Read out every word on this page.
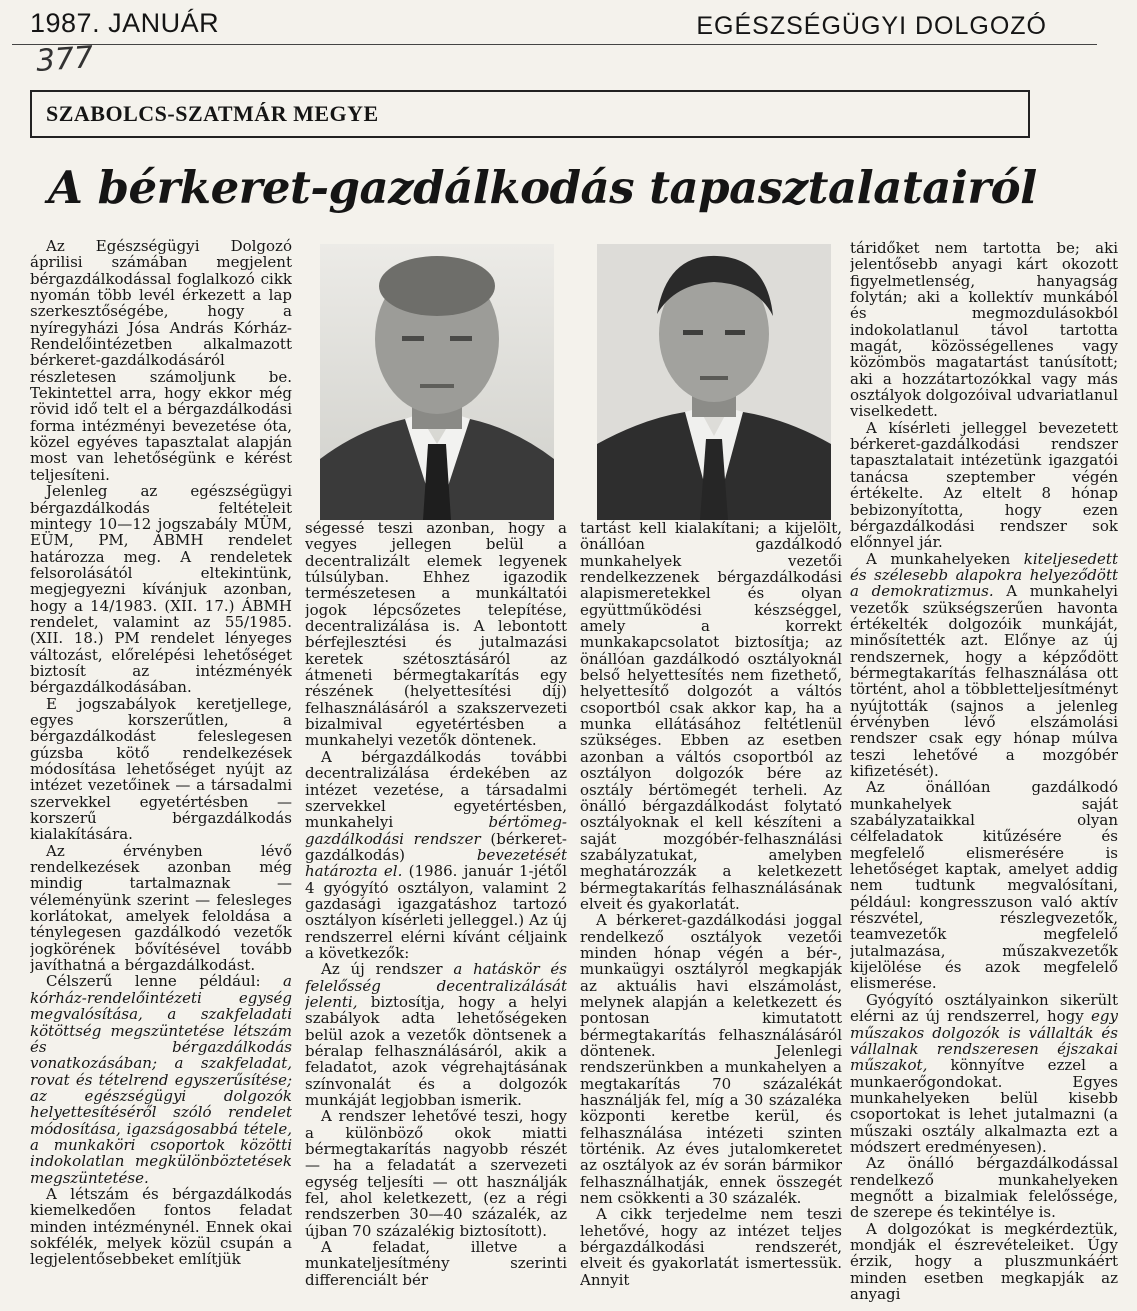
1987. JANUÁR	EGÉSZSÉGÜGYI DOLGOZÓ
377
SZABOLCS-SZATMÁR MEGYE
A bérkeret-gazdálkodás tapasztalatairól

Az Egészségügyi Dolgozó áprilisi számában megjelent bérgazdálkodással foglalkozó cikk nyomán több levél érkezett a lap szerkesztőségébe, hogy a nyíregyházi Jósa András Kórház-Rendelőintézetben alkalmazott bérkeret-gazdálkodásáról részletesen számoljunk be. Tekintettel arra, hogy ekkor még rövid idő telt el a bérgazdálkodási forma intézményi bevezetése óta, közel egyéves tapasztalat alapján most van lehetőségünk e kérést teljesíteni.

Jelenleg az egészségügyi bérgazdálkodás feltételeit mintegy 10—12 jogszabály MÜM, EÜM, PM, ÁBMH rendelet határozza meg. A rendeletek felsorolásától eltekintünk, megjegyezni kívánjuk azonban, hogy a 14/1983. (XII. 17.) ÁBMH rendelet, valamint az 55/1985. (XII. 18.) PM rendelet lényeges változást, előrelépési lehetőséget biztosít az intézményék bérgazdálkodásában.

E jogszabályok keretjellege, egyes korszerűtlen, a bérgazdálkodást feleslegesen gúzsba kötő rendelkezések módosítása lehetőséget nyújt az intézet vezetőinek — a társadalmi szervekkel egyetértésben — korszerű bérgazdálkodás kialakítására.

Az érvényben lévő rendelkezések azonban még mindig tartalmaznak — véleményünk szerint — felesleges korlátokat, amelyek feloldása a ténylegesen gazdálkodó vezetők jogkörének bővítésével tovább javíthatná a bérgazdálkodást.

Célszerű lenne például: a kórház-rendelőintézeti egység megvalósítása, a szakfeladati kötöttség megszüntetése létszám és bérgazdálkodás vonatkozásában; a szakfeladat, rovat és tételrend egyszerűsítése; az egészségügyi dolgozók helyettesítéséről szóló rendelet módosítása, igazságosabbá tétele, a munkaköri csoportok közötti indokolatlan megkülönböztetések megszüntetése.

A létszám és bérgazdálkodás kiemelkedően fontos feladat minden intézménynél. Ennek okai sokfélék, melyek közül csupán a legjelentősebbeket említjük

ségessé teszi azonban, hogy a vegyes jellegen belül a decentralizált elemek legyenek túlsúlyban. Ehhez igazodik természetesen a munkáltatói jogok lépcsőzetes telepítése, decentralizálása is. A lebontott bérfejlesztési és jutalmazási keretek szétosztásáról az átmeneti bérmegtakarítás egy részének (helyettesítési díj) felhasználásáról a szakszervezeti bizalmival egyetértésben a munkahelyi vezetők döntenek.

A bérgazdálkodás további decentralizálása érdekében az intézet vezetése, a társadalmi szervekkel egyetértésben, munkahelyi	bértömeg-gazdálkodási rendszer (bérkeret-gazdálkodás)	bevezetését határozta el. (1986. január 1-jétől 4 gyógyító osztályon, valamint 2 gazdasági igazgatáshoz tartozó osztályon kísérleti jelleggel.) Az új rendszerrel elérni kívánt céljaink a következők:

Az új rendszer a hatáskör és felelősség decentralizálását jelenti, biztosítja, hogy a helyi szabályok adta lehetőségeken belül azok a vezetők döntsenek a béralap felhasználásáról, akik a feladatot, azok végrehajtásának színvonalát és a dolgozók munkáját legjobban ismerik.

A rendszer lehetővé teszi, hogy a különböző okok miatti bérmegtakarítás nagyobb részét — ha a feladatát a szervezeti egység teljesíti — ott használják fel, ahol keletkezett, (ez a régi rendszerben 30—40 százalék, az újban 70 százalékig biztosított).

A feladat, illetve a munkateljesítmény szerinti differenciált bér

tartást kell kialakítani; a kijelölt, önállóan gazdálkodó munkahelyek vezetői rendelkezzenek bérgazdálkodási alapismeretekkel és olyan együttműködési készséggel, amely a korrekt munkakapcsolatot biztosítja; az önállóan gazdálkodó osztályoknál belső helyettesítés nem fizethető, helyettesítő dolgozót a váltós csoportból csak akkor kap, ha a munka ellátásához feltétlenül szükséges. Ebben az esetben azonban a váltós csoportból az osztályon dolgozók bére az osztály bértömegét terheli. Az önálló bérgazdálkodást folytató osztályoknak el kell készíteni a saját mozgóbér-felhasználási szabályzatukat, amelyben meghatározzák a keletkezett bérmegtakarítás felhasználásának elveit és gyakorlatát.

A bérkeret-gazdálkodási joggal rendelkező osztályok vezetői minden hónap végén a bér-, munkaügyi osztályról megkapják az aktuális havi elszámolást, melynek alapján a keletkezett és pontosan kimutatott bérmegtakarítás felhasználásáról döntenek. Jelenlegi rendszerünkben a munkahelyen a megtakarítás 70 százalékát használják fel, míg a 30 százaléka központi keretbe kerül, és felhasználása intézeti szinten történik. Az éves jutalomkeretet az osztályok az év során bármikor felhasználhatják, ennek összegét nem csökkenti a 30 százalék.

A cikk terjedelme nem teszi lehetővé, hogy az intézet teljes bérgazdálkodási rendszerét, elveit és gyakorlatát ismertessük. Annyit

táridőket nem tartotta be; aki jelentősebb anyagi kárt okozott figyelmetlenség, hanyagság folytán; aki a kollektív munkából és megmozdulásokból indokolatlanul távol tartotta magát, közösségellenes vagy közömbös magatartást tanúsított; aki a hozzátartozókkal vagy más osztályok dolgozóival udvariatlanul viselkedett.

A kísérleti jelleggel bevezetett bérkeret-gazdálkodási rendszer tapasztalatait intézetünk igazgatói tanácsa szeptember végén értékelte. Az eltelt 8 hónap bebizonyította, hogy ezen bérgazdálkodási rendszer sok előnnyel jár.

A munkahelyeken kiteljesedett és szélesebb alapokra helyeződött a demokratizmus. A munkahelyi vezetők szükségszerűen havonta értékelték dolgozóik munkáját, minősítették azt. Előnye az új rendszernek, hogy a képződött bérmegtakarítás felhasználása ott történt, ahol a többletteljesítményt nyújtották (sajnos a jelenleg érvényben lévő elszámolási rendszer csak egy hónap múlva teszi lehetővé a mozgóbér kifizetését).

Az önállóan gazdálkodó munkahelyek saját szabályzataikkal olyan célfeladatok kitűzésére és megfelelő elismerésére is lehetőséget kaptak, amelyet addig nem tudtunk megvalósítani, például: kongresszuson való aktív részvétel, részlegvezetők, teamvezetők megfelelő jutalmazása, műszakvezetők kijelölése és azok megfelelő elismerése.

Gyógyító osztályainkon sikerült elérni az új rendszerrel, hogy egy műszakos dolgozók is vállalták és vállalnak rendszeresen éjszakai műszakot, könnyítve ezzel a munkaerőgondokat. Egyes munkahelyeken belül kisebb csoportokat is lehet jutalmazni (a műszaki osztály alkalmazta ezt a módszert eredményesen).

Az önálló bérgazdálkodással rendelkező munkahelyeken megnőtt a bizalmiak felelőssége, de szerepe és tekintélye is.

A dolgozókat is megkérdeztük, mondják el észrevételeiket. Úgy érzik, hogy a pluszmunkáért minden esetben megkapják az anyagi
